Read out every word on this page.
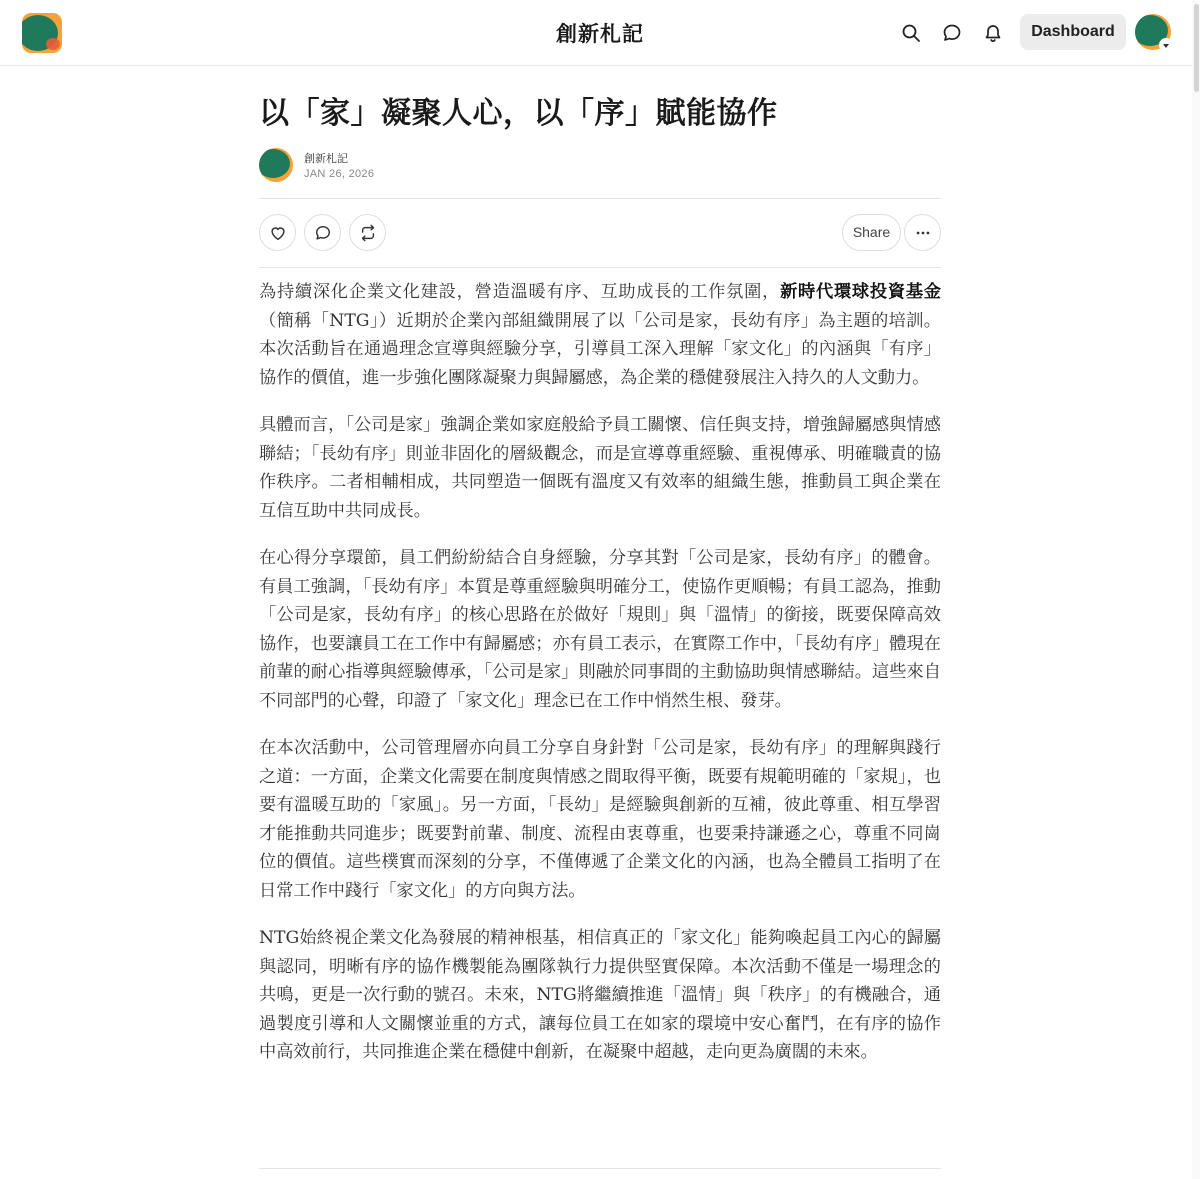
創新札記	Dashboard
以「家」凝聚人心，以「序」賦能協作
創新札記
JAN 26, 2026
Share

為持續深化企業文化建設，營造溫暖有序、互助成長的工作氛圍，新時代環球投資基金（簡稱「NTG」）近期於企業內部組織開展了以「公司是家，長幼有序」為主題的培訓。本次活動旨在通過理念宣導與經驗分享，引導員工深入理解「家文化」的內涵與「有序」協作的價值，進一步強化團隊凝聚力與歸屬感，為企業的穩健發展注入持久的人文動力。

具體而言，「公司是家」強調企業如家庭般給予員工關懷、信任與支持，增強歸屬感與情感聯結；「長幼有序」則並非固化的層級觀念，而是宣導尊重經驗、重視傳承、明確職責的協作秩序。二者相輔相成，共同塑造一個既有溫度又有效率的組織生態，推動員工與企業在互信互助中共同成長。

在心得分享環節，員工們紛紛結合自身經驗，分享其對「公司是家，長幼有序」的體會。有員工強調，「長幼有序」本質是尊重經驗與明確分工，使協作更順暢；有員工認為，推動「公司是家，長幼有序」的核心思路在於做好「規則」與「溫情」的銜接，既要保障高效協作，也要讓員工在工作中有歸屬感；亦有員工表示，在實際工作中，「長幼有序」體現在前輩的耐心指導與經驗傳承，「公司是家」則融於同事間的主動協助與情感聯結。這些來自不同部門的心聲，印證了「家文化」理念已在工作中悄然生根、發芽。

在本次活動中，公司管理層亦向員工分享自身針對「公司是家，長幼有序」的理解與踐行之道：一方面，企業文化需要在制度與情感之間取得平衡，既要有規範明確的「家規」，也要有溫暖互助的「家風」。另一方面，「長幼」是經驗與創新的互補，彼此尊重、相互學習才能推動共同進步；既要對前輩、制度、流程由衷尊重，也要秉持謙遜之心，尊重不同崗位的價值。這些樸實而深刻的分享，不僅傳遞了企業文化的內涵，也為全體員工指明了在日常工作中踐行「家文化」的方向與方法。

NTG始終視企業文化為發展的精神根基，相信真正的「家文化」能夠喚起員工內心的歸屬與認同，明晰有序的協作機製能為團隊執行力提供堅實保障。本次活動不僅是一場理念的共鳴，更是一次行動的號召。未來，NTG將繼續推進「溫情」與「秩序」的有機融合，通過製度引導和人文關懷並重的方式，讓每位員工在如家的環境中安心奮鬥，在有序的協作中高效前行，共同推進企業在穩健中創新，在凝聚中超越，走向更為廣闊的未來。
